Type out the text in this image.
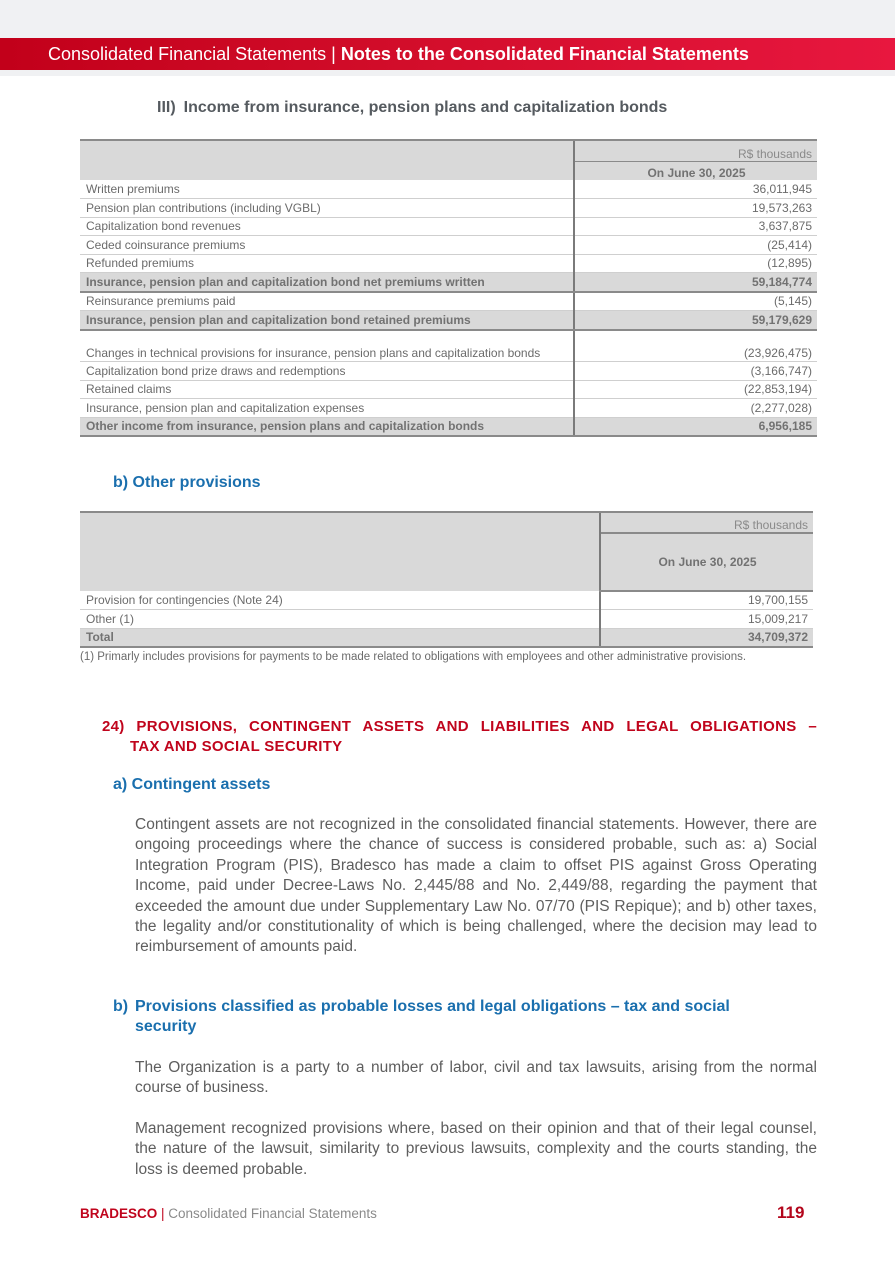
Consolidated Financial Statements | Notes to the Consolidated Financial Statements
III) Income from insurance, pension plans and capitalization bonds
	R$ thousands
	On June 30, 2025
Written premiums	36,011,945
Pension plan contributions (including VGBL)	19,573,263
Capitalization bond revenues	3,637,875
Ceded coinsurance premiums	(25,414)
Refunded premiums	(12,895)
Insurance, pension plan and capitalization bond net premiums written	59,184,774
Reinsurance premiums paid	(5,145)
Insurance, pension plan and capitalization bond retained premiums	59,179,629
Changes in technical provisions for insurance, pension plans and capitalization bonds	(23,926,475)
Capitalization bond prize draws and redemptions	(3,166,747)
Retained claims	(22,853,194)
Insurance, pension plan and capitalization expenses	(2,277,028)
Other income from insurance, pension plans and capitalization bonds	6,956,185
b) Other provisions
	R$ thousands
	On June 30, 2025
Provision for contingencies (Note 24)	19,700,155
Other (1)	15,009,217
Total	34,709,372
(1) Primarly includes provisions for payments to be made related to obligations with employees and other administrative provisions.
24) PROVISIONS, CONTINGENT ASSETS AND LIABILITIES AND LEGAL OBLIGATIONS –
TAX AND SOCIAL SECURITY
a) Contingent assets

Contingent assets are not recognized in the consolidated financial statements. However, there are ongoing proceedings where the chance of success is considered probable, such as: a) Social Integration Program (PIS), Bradesco has made a claim to offset PIS against Gross Operating Income, paid under Decree-Laws No. 2,445/88 and No. 2,449/88, regarding the payment that exceeded the amount due under Supplementary Law No. 07/70 (PIS Repique); and b) other taxes, the legality and/or constitutionality of which is being challenged, where the decision may lead to reimbursement of amounts paid.

b) Provisions classified as probable losses and legal obligations – tax and social security

The Organization is a party to a number of labor, civil and tax lawsuits, arising from the normal course of business.

Management recognized provisions where, based on their opinion and that of their legal counsel, the nature of the lawsuit, similarity to previous lawsuits, complexity and the courts standing, the loss is deemed probable.

BRADESCO | Consolidated Financial Statements	119
